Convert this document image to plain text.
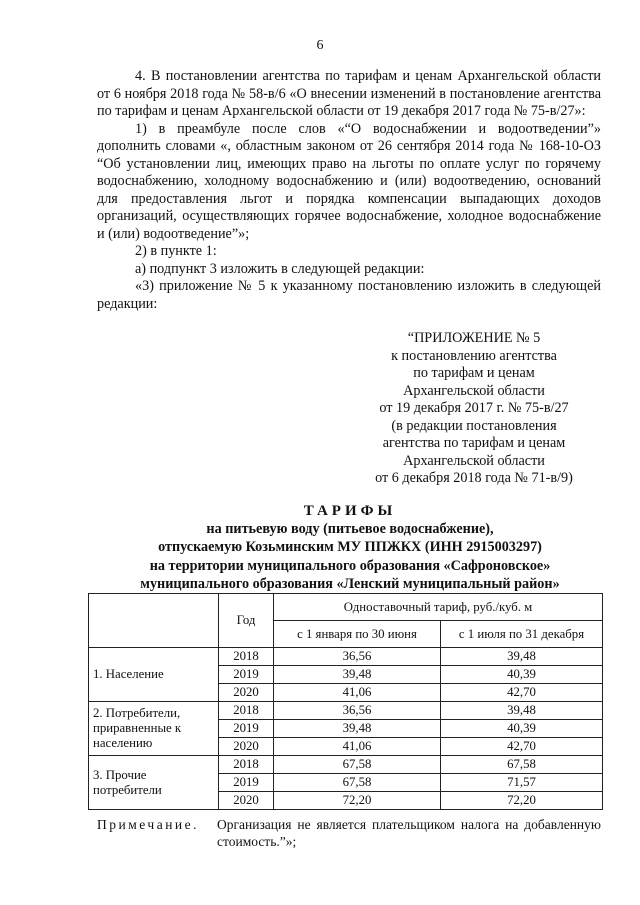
6

4. В постановлении агентства по тарифам и ценам Архангельской области от 6 ноября 2018 года № 58-в/6 «О внесении изменений в постановление агентства по тарифам и ценам Архангельской области от 19 декабря 2017 года № 75-в/27»:

1) в преамбуле после слов «“О водоснабжении и водоотведении”» дополнить словами «, областным законом от 26 сентября 2014 года № 168-10-ОЗ “Об установлении лиц, имеющих право на льготы по оплате услуг по горячему водоснабжению, холодному водоснабжению и (или) водоотведению, оснований для предоставления льгот и порядка компенсации выпадающих доходов организаций, осуществляющих горячее водоснабжение, холодное водоснабжение и (или) водоотведение”»;

2) в пункте 1:

а) подпункт 3 изложить в следующей редакции:

«3) приложение № 5 к указанному постановлению изложить в следующей редакции:

“ПРИЛОЖЕНИЕ № 5
к постановлению агентства
по тарифам и ценам
Архангельской области
от 19 декабря 2017 г. № 75-в/27
(в редакции постановления
агентства по тарифам и ценам
Архангельской области
от 6 декабря 2018 года № 71-в/9)
ТАРИФЫ
на питьевую воду (питьевое водоснабжение),
отпускаемую Козьминским МУ ППЖКХ (ИНН 2915003297)
на территории муниципального образования «Сафроновское»
муниципального образования «Ленский муниципальный район»
	Год	Одноставочный тариф, руб./куб. м	
		с 1 января по 30 июня	с 1 июля по 31 декабря
1. Население	2018	36,56	39,48
	2019	39,48	40,39
	2020	41,06	42,70
2. Потребители, приравненные к населению	2018	36,56	39,48
	2019	39,48	40,39
	2020	41,06	42,70
3. Прочие потребители	2018	67,58	67,58
	2019	67,58	71,57
	2020	72,20	72,20
Примечание. Организация не является плательщиком налога на добавленную стоимость.”»;
